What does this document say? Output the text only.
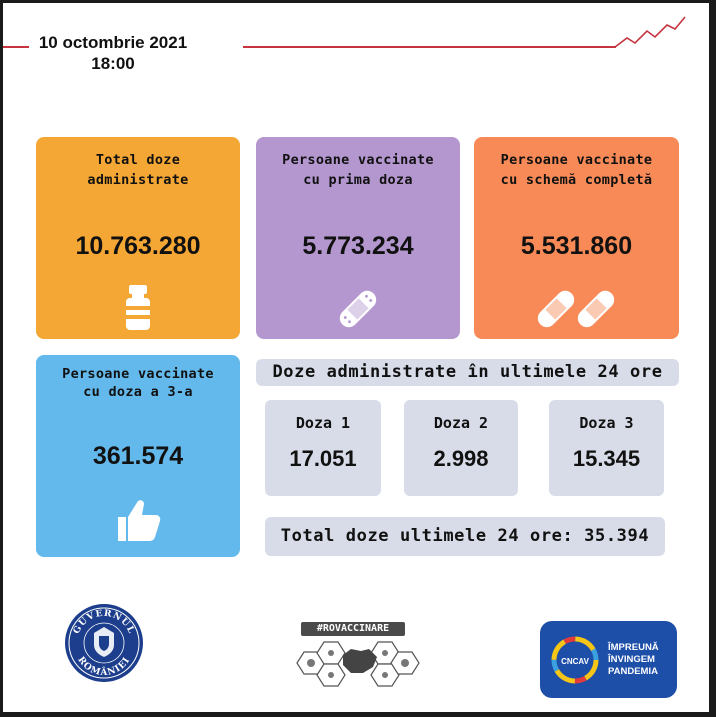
10 octombrie 2021
18:00
Total doze
administrate
10.763.280
Persoane vaccinate
cu prima doza
5.773.234
Persoane vaccinate
cu schemă completă
5.531.860
Persoane vaccinate
cu doza a 3-a
361.574
Doze administrate în ultimele 24 ore
Doza 1
17.051
Doza 2
2.998
Doza 3
15.345
Total doze ultimele 24 ore: 35.394
GUVERNUL
ROMÂNIEI
#ROVACCINARE
CNCAV
ÎMPREUNĂ
ÎNVINGEM
PANDEMIA
